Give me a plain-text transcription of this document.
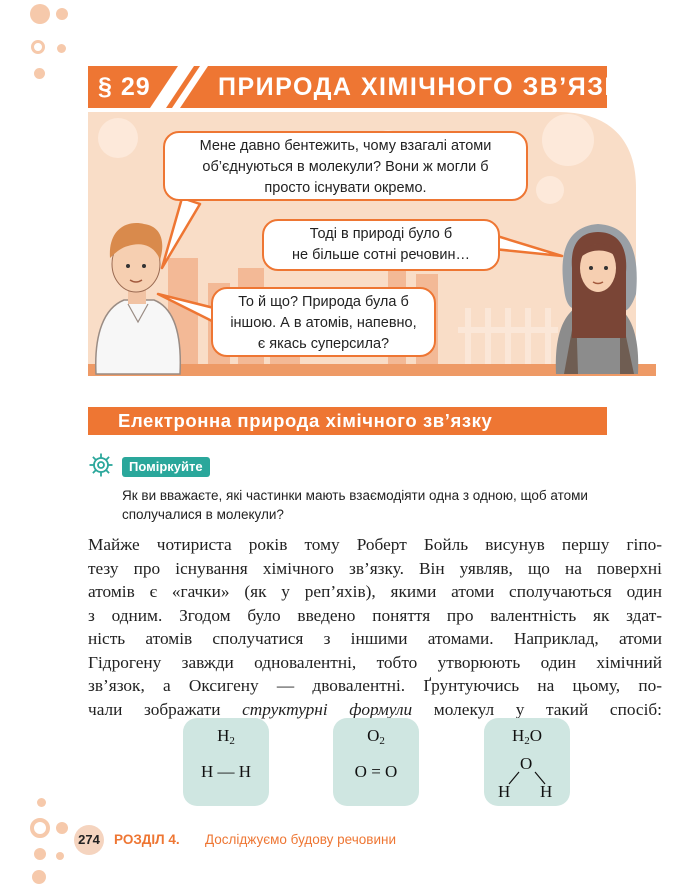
§ 29	ПРИРОДА ХІМІЧНОГО ЗВ’ЯЗКУ
Мене давно бентежить, чому взагалі атоми
об’єднуються в молекули? Вони ж могли б
просто існувати окремо.
Тоді в природі було б
не більше сотні речовин…
То й що? Природа була б
іншою. А в атомів, напевно,
є якась суперсила?
Електронна природа хімічного зв’язку
Поміркуйте
Як ви вважаєте, які частинки мають взаємодіяти одна з одною, щоб атоми
сполучалися в молекули?
Майже чотириста років тому Роберт Бойль висунув першу гіпо-
тезу про існування хімічного зв’язку. Він уявляв, що на поверхні
атомів є «гачки» (як у реп’яхів), якими атоми сполучаються один
з одним. Згодом було введено поняття про валентність як здат-
ність атомів сполучатися з іншими атомами. Наприклад, атоми
Гідрогену завжди одновалентні, тобто утворюють один хімічний
зв’язок, а Оксигену — двовалентні. Ґрунтуючись на цьому, по-
чали зображати структурні формули молекул у такий спосіб:
$H_2$
H — H
$O_2$
O = O
$H_2O$
O
H H
274	РОЗДІЛ 4. Досліджуємо будову речовини
